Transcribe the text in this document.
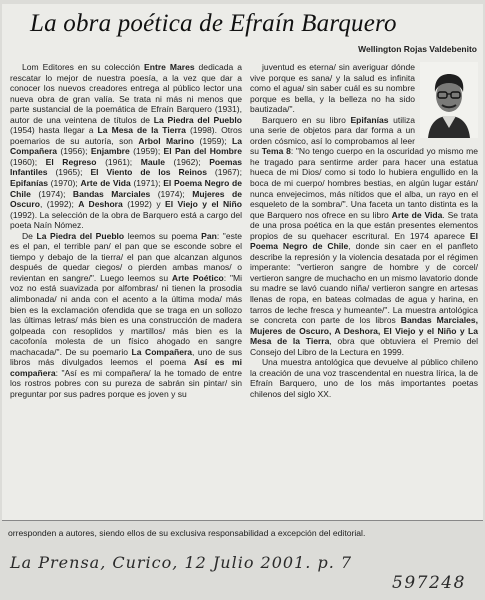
La obra poética de Efraín Barquero
Wellington Rojas Valdebenito

Lom Editores en su colección Entre Mares dedicada a rescatar lo mejor de nuestra poesía, a la vez que dar a conocer los nuevos creadores entrega al público lector una nueva obra de gran valía. Se trata ni más ni menos que parte sustancial de la poemática de Efraín Barquero (1931), autor de una veintena de títulos de La Piedra del Pueblo (1954) hasta llegar a La Mesa de la Tierra (1998). Otros poemarios de su autoría, son Arbol Marino (1959); La Compañera (1956); Enjambre (1959); El Pan del Hombre (1960); El Regreso (1961); Maule (1962); Poemas Infantiles (1965); El Viento de los Reinos (1967); Epifanías (1970); Arte de Vida (1971); El Poema Negro de Chile (1974); Bandas Marciales (1974); Mujeres de Oscuro, (1992); A Deshora (1992) y El Viejo y el Niño (1992). La selección de la obra de Barquero está a cargo del poeta Naín Nómez.

De La Piedra del Pueblo leemos su poema Pan: "este es el pan, el terrible pan/ el pan que se esconde sobre el tiempo y debajo de la tierra/ el pan que alcanzan algunos después de quedar ciegos/ o pierden ambas manos/ o revientan en sangre/". Luego leemos su Arte Poético: "Mi voz no está suavizada por alfombras/ ni tienen la prosodia alimbonada/ ni anda con el acento a la última moda/ más bien es la exclamación ofendida que se traga en un sollozo las últimas letras/ más bien es una construcción de madera golpeada con resoplidos y martillos/ más bien es la cacofonía molesta de un físico ahogado en sangre machacada/". De su poemario La Compañera, uno de sus libros más divulgados leemos el poema Así es mi compañera: "Así es mi compañera/ la he tomado de entre los rostros pobres con su pureza de sabrán sin pintar/ sin preguntar por sus padres porque es joven y su

juventud es eterna/ sin averiguar dónde vive porque es sana/ y la salud es infinita como el agua/ sin saber cuál es su nombre porque es bella, y la belleza no ha sido bautizada/".

Barquero en su libro Epifanías utiliza una serie de objetos para dar forma a un orden cósmico, así lo comprobamos al leer su Tema 8: "No tengo cuerpo en la oscuridad yo mismo me he tragado para sentirme arder para hacer una estatua hueca de mi Dios/ como si todo lo hubiera engullido en la boca de mi cuerpo/ hombres bestias, en algún lugar están/ nunca envejecimos, más nítidos que el alba, un rayo en el esqueleto de la sombra/". Una faceta un tanto distinta es la que Barquero nos ofrece en su libro Arte de Vida. Se trata de una prosa poética en la que están presentes elementos propios de su quehacer escritural. En 1974 aparece El Poema Negro de Chile, donde sin caer en el panfleto describe la represión y la violencia desatada por el régimen imperante: "vertieron sangre de hombre y de corcel/ vertieron sangre de muchacho en un mismo lavatorio donde su madre se lavó cuando niña/ vertieron sangre en artesas llenas de ropa, en bateas colmadas de agua y harina, en tarros de leche fresca y humeante/". La muestra antológica se concreta con parte de los libros Bandas Marciales, Mujeres de Oscuro, A Deshora, El Viejo y el Niño y La Mesa de la Tierra, obra que obtuviera el Premio del Consejo del Libro de la Lectura en 1999.

Una muestra antológica que devuelve al público chileno la creación de una voz trascendental en nuestra lírica, la de Efraín Barquero, uno de los más importantes poetas chilenos del siglo XX.

orresponden a autores, siendo ellos de su exclusiva responsabilidad a excepción del editorial.
La Prensa, Curico, 12 Julio 2001. p. 7
597248
